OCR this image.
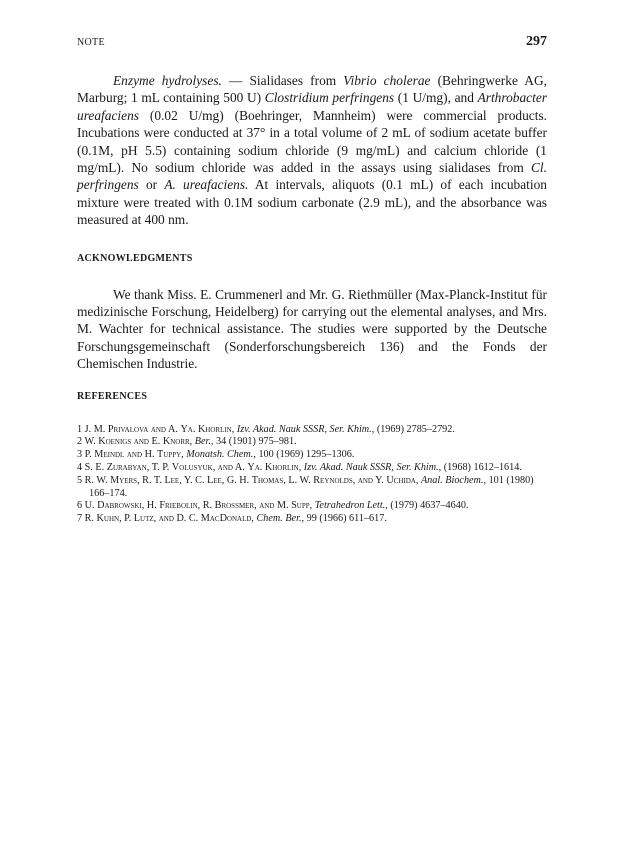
NOTE	297

Enzyme hydrolyses. — Sialidases from Vibrio cholerae (Behringwerke AG, Marburg; 1 mL containing 500 U) Clostridium perfringens (1 U/mg), and Arthrobacter ureafaciens (0.02 U/mg) (Boehringer, Mannheim) were commercial products. Incubations were conducted at 37° in a total volume of 2 mL of sodium acetate buffer (0.1M, pH 5.5) containing sodium chloride (9 mg/mL) and calcium chloride (1 mg/mL). No sodium chloride was added in the assays using sialidases from Cl. perfringens or A. ureafaciens. At intervals, aliquots (0.1 mL) of each incubation mixture were treated with 0.1M sodium carbonate (2.9 mL), and the absorbance was measured at 400 nm.

ACKNOWLEDGMENTS

We thank Miss. E. Crummenerl and Mr. G. Riethmüller (Max-Planck-Institut für medizinische Forschung, Heidelberg) for carrying out the elemental analyses, and Mrs. M. Wachter for technical assistance. The studies were supported by the Deutsche Forschungsgemeinschaft (Sonderforschungsbereich 136) and the Fonds der Chemischen Industrie.

REFERENCES
1 J. M. Privalova and A. Ya. Khorlin, Izv. Akad. Nauk SSSR, Ser. Khim., (1969) 2785–2792.
2 W. Koenigs and E. Knorr, Ber., 34 (1901) 975–981.
3 P. Meindl and H. Tuppy, Monatsh. Chem., 100 (1969) 1295–1306.
4 S. E. Zurabyan, T. P. Volusyuk, and A. Ya. Khorlin, Izv. Akad. Nauk SSSR, Ser. Khim., (1968) 1612–1614.
5 R. W. Myers, R. T. Lee, Y. C. Lee, G. H. Thomas, L. W. Reynolds, and Y. Uchida, Anal. Biochem., 101 (1980) 166–174.
6 U. Dabrowski, H. Friebolin, R. Brossmer, and M. Supp, Tetrahedron Lett., (1979) 4637–4640.
7 R. Kuhn, P. Lutz, and D. C. MacDonald, Chem. Ber., 99 (1966) 611–617.
